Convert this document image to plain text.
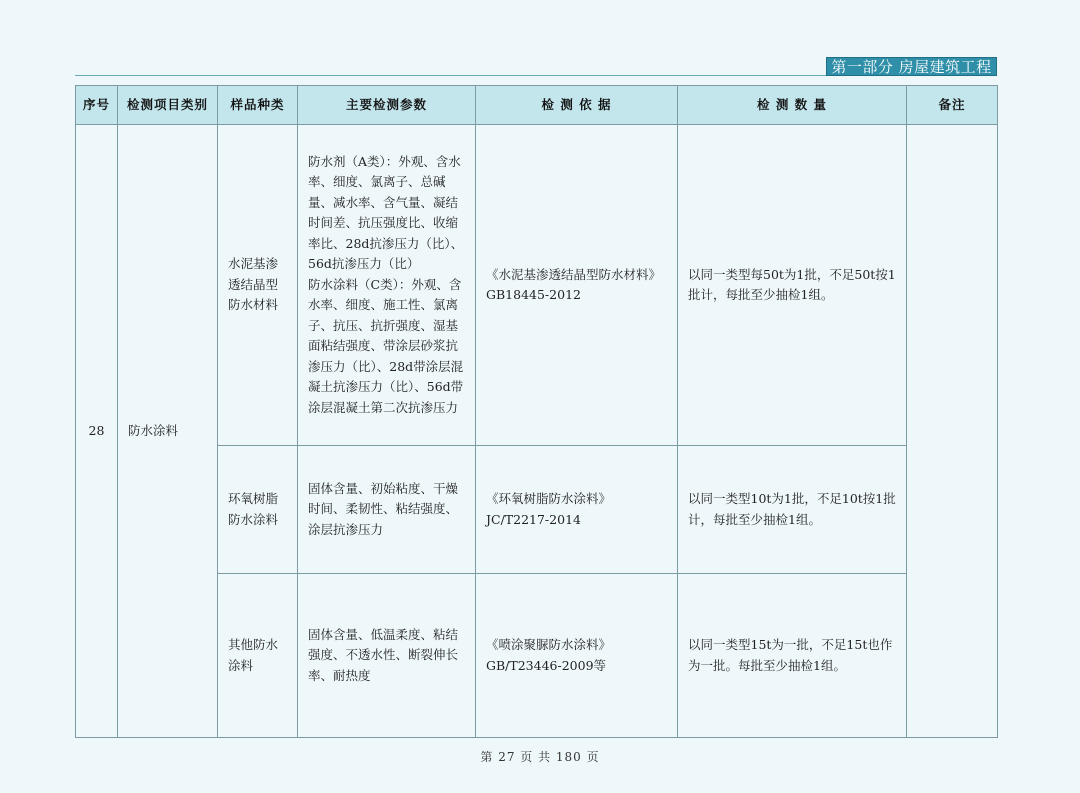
第一部分 房屋建筑工程
序号	检测项目类别	样品种类	主要检测参数	检 测 依 据	检 测 数 量	备注
28	防水涂料	水泥基渗透结晶型防水材料	防水剂（A类）：外观、含水率、细度、氯离子、总碱量、减水率、含气量、凝结时间差、抗压强度比、收缩率比、28d抗渗压力（比）、56d抗渗压力（比）

防水涂料（C类）：外观、含水率、细度、施工性、氯离子、抗压、抗折强度、湿基面粘结强度、带涂层砂浆抗渗压力（比）、28d带涂层混凝土抗渗压力（比）、56d带涂层混凝土第二次抗渗压力	《水泥基渗透结晶型防水材料》GB18445-2012	以同一类型每50t为1批，不足50t按1批计，每批至少抽检1组。	
		环氧树脂防水涂料	固体含量、初始粘度、干燥时间、柔韧性、粘结强度、涂层抗渗压力	《环氧树脂防水涂料》JC/T2217-2014	以同一类型10t为1批，不足10t按1批计，每批至少抽检1组。	
		其他防水涂料	固体含量、低温柔度、粘结强度、不透水性、断裂伸长率、耐热度	《喷涂聚脲防水涂料》GB/T23446-2009等	以同一类型15t为一批，不足15t也作为一批。每批至少抽检1组。	
第 27 页 共 180 页
